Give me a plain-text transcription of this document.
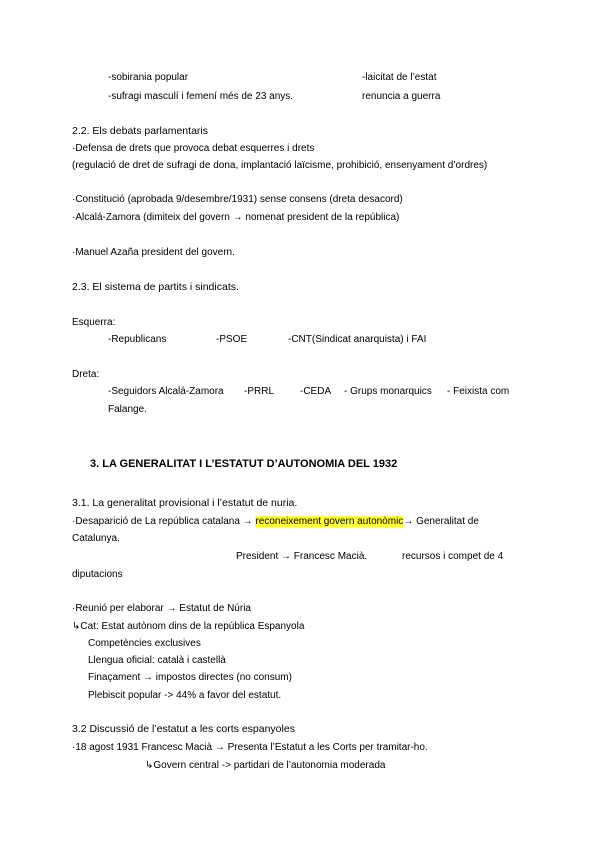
-sobirania popular	-laicitat de l’estat
-sufragi masculí i femení més de 23 anys.	renuncia a guerra
2.2. Els debats parlamentaris
·Defensa de drets que provoca debat esquerres i drets
(regulació de dret de sufragi de dona, implantació laïcisme, prohibició, ensenyament d’ordres)
·Constitució (aprobada 9/desembre/1931) sense consens (dreta desacord)
·Alcalá-Zamora (dimiteix del govern → nomenat president de la república)
·Manuel Azaña president del govern.
2.3. El sistema de partits i sindicats.
Esquerra:
-Republicans	-PSOE	-CNT(Sindicat anarquista) i FAI
Dreta:
-Seguidors Alcalá-Zamora -PRRL	-CEDA - Grups monarquics - Feixista com
Falange.
3. LA GENERALITAT I L’ESTATUT D’AUTONOMIA DEL 1932
3.1. La generalitat provisional i l’estatut de nuria.
·Desaparició de La república catalana → reconeixement govern autonòmic→ Generalitat de
Catalunya.
President → Francesc Macià.	recursos i compet de 4
diputacions
·Reunió per elaborar → Estatut de Núria
↳Cat: Estat autònom dins de la república Espanyola
Competències exclusives
Llengua oficial: català i castellà
Finaçament → impostos directes (no consum)
Plebiscit popular -> 44% a favor del estatut.
3.2 Discussió de l’estatut a les corts espanyoles
·18 agost 1931 Francesc Macià → Presenta l’Estatut a les Corts per tramitar-ho.
↳Govern central -> partidari de l’autonomia moderada
